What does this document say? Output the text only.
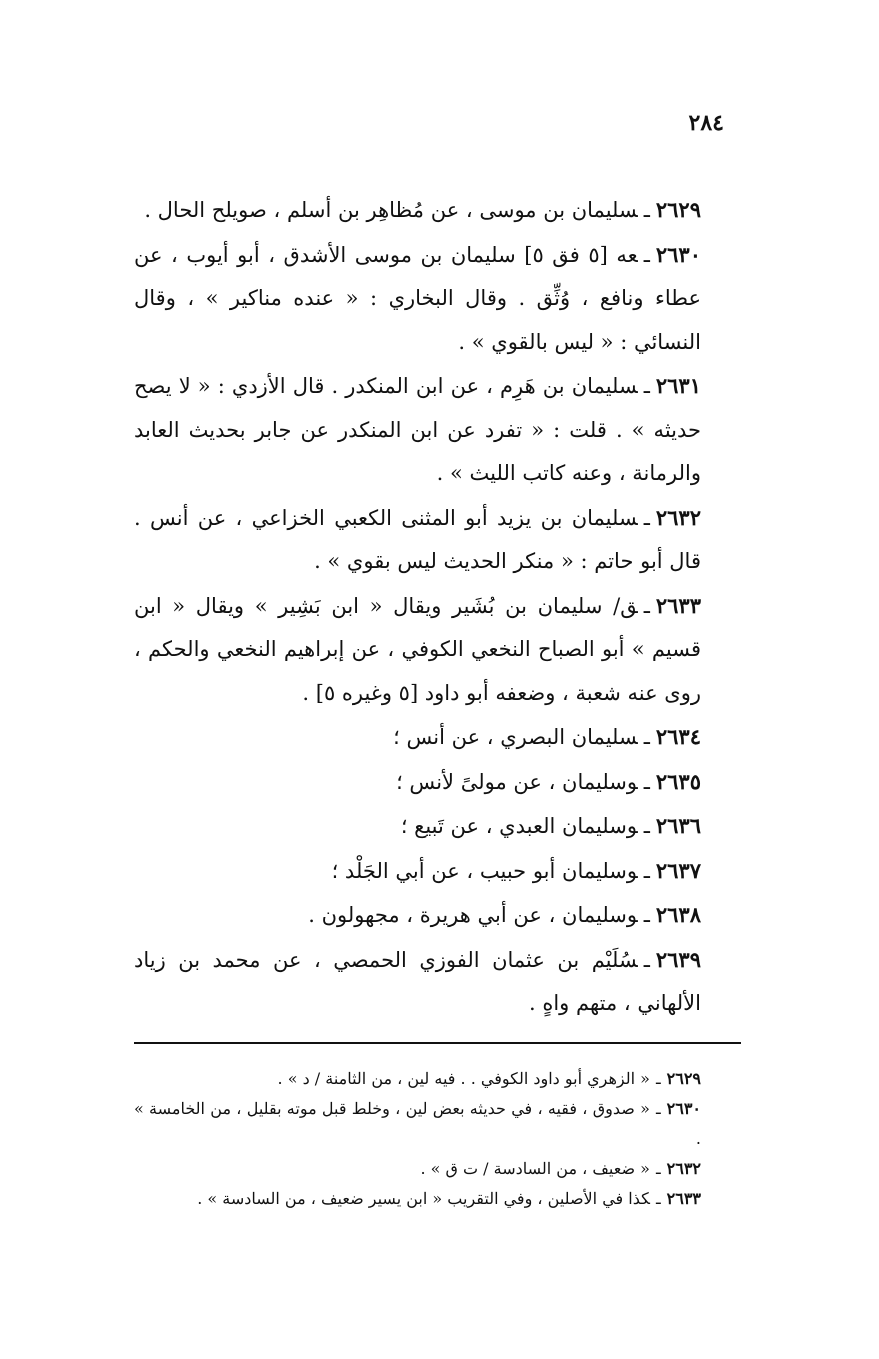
٢٨٤

٢٦٢٩ـسليمان بن موسى ، عن مُظاهِر بن أسلم ، صويلح الحال .

٢٦٣٠ـعه [٥ فق ٥] سليمان بن موسى الأشدق ، أبو أيوب ، عن عطاء ونافع ، وُثِّق . وقال البخاري : « عنده مناكير » ، وقال النسائي : « ليس بالقوي » .

٢٦٣١ـسليمان بن هَرِم ، عن ابن المنكدر . قال الأزدي : « لا يصح حديثه » . قلت : « تفرد عن ابن المنكدر عن جابر بحديث العابد والرمانة ، وعنه كاتب الليث » .

٢٦٣٢ـسليمان بن يزيد أبو المثنى الكعبي الخزاعي ، عن أنس . قال أبو حاتم : « منكر الحديث ليس بقوي » .

٢٦٣٣ـق/ سليمان بن بُشَير ويقال « ابن بَشِير » ويقال « ابن قسيم » أبو الصباح النخعي الكوفي ، عن إبراهيم النخعي والحكم ، روى عنه شعبة ، وضعفه أبو داود [٥ وغيره ٥] .

٢٦٣٤ـسليمان البصري ، عن أنس ؛

٢٦٣٥ـوسليمان ، عن مولىً لأنس ؛

٢٦٣٦ـوسليمان العبدي ، عن تَبيع ؛

٢٦٣٧ـوسليمان أبو حبيب ، عن أبي الجَلْد ؛

٢٦٣٨ـوسليمان ، عن أبي هريرة ، مجهولون .

٢٦٣٩ـسُلَيْم بن عثمان الفوزي الحمصي ، عن محمد بن زياد الألهاني ، متهم واهٍ .

٢٦٢٩ـ« الزهري أبو داود الكوفي . . فيه لين ، من الثامنة / د » .

٢٦٣٠ـ« صدوق ، فقيه ، في حديثه بعض لين ، وخلط قبل موته بقليل ، من الخامسة » .

٢٦٣٢ـ« ضعيف ، من السادسة / ت ق » .

٢٦٣٣ـكذا في الأصلين ، وفي التقريب « ابن يسير ضعيف ، من السادسة » .
